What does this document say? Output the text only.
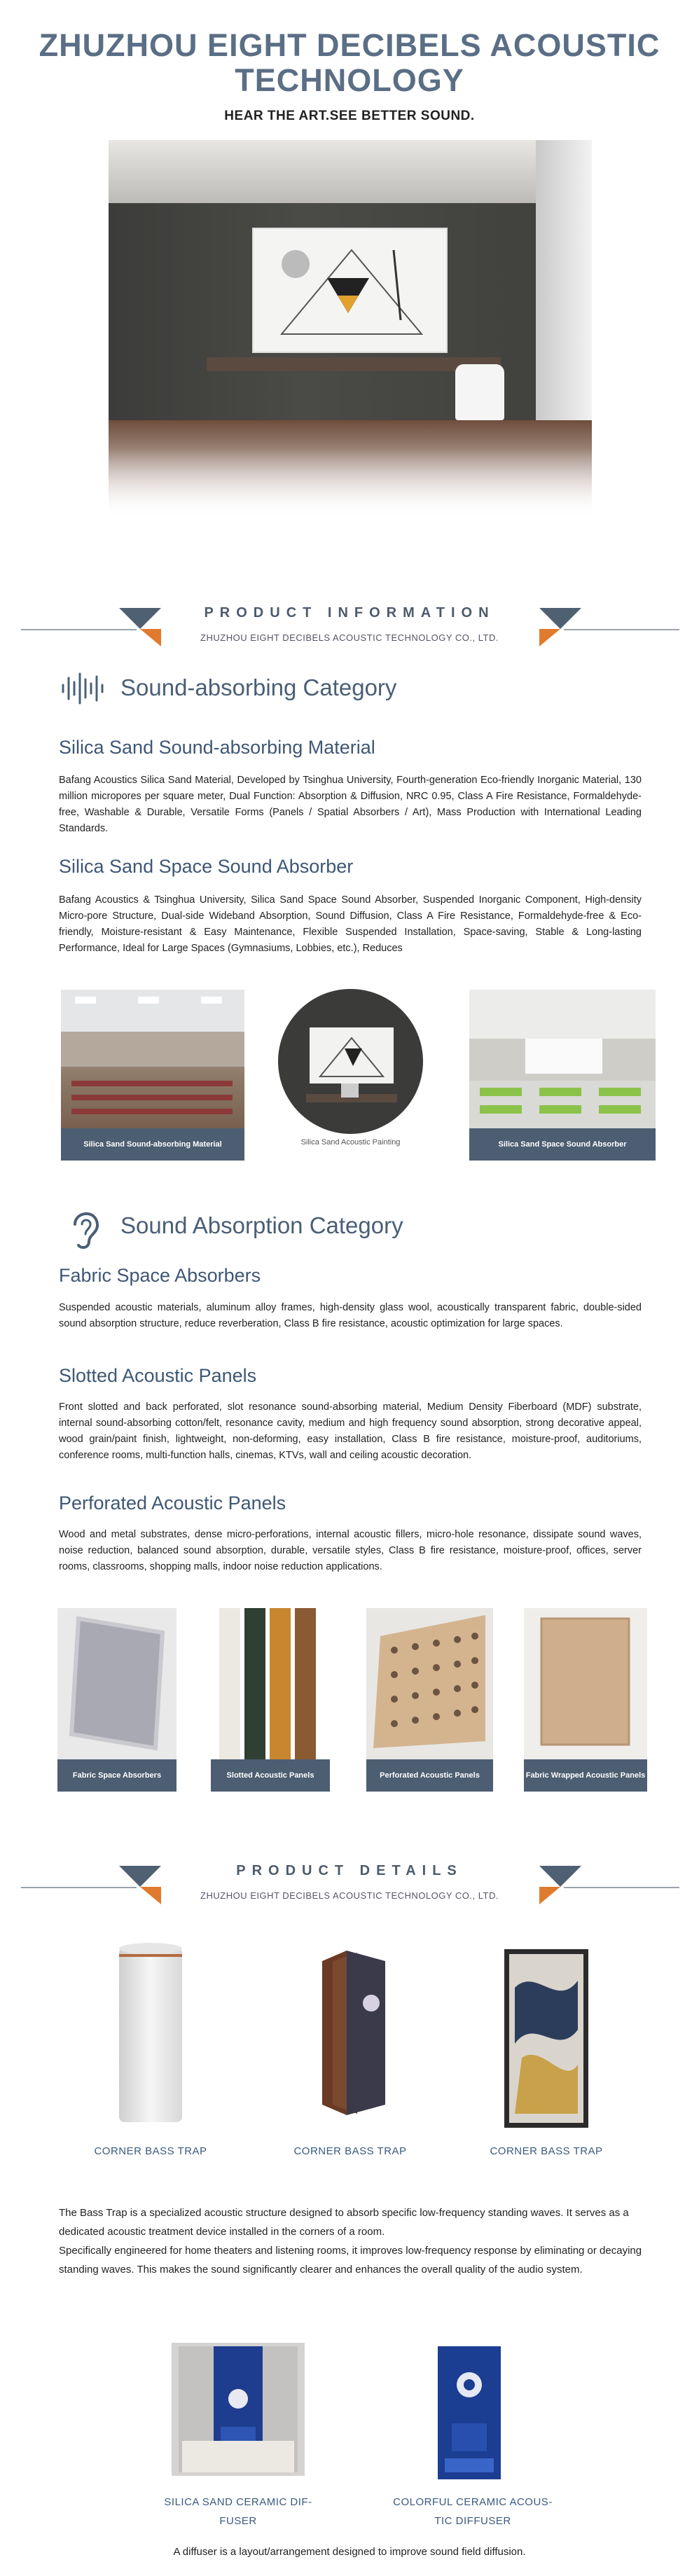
ZHUZHOU EIGHT DECIBELS ACOUSTIC
TECHNOLOGY
HEAR THE ART.SEE BETTER SOUND.
PRODUCT INFORMATION
ZHUZHOU EIGHT DECIBELS ACOUSTIC TECHNOLOGY CO., LTD.
Sound-absorbing Category
Silica Sand Sound-absorbing Material
Bafang Acoustics Silica Sand Material, Developed by Tsinghua University, Fourth-generation Eco-friendly Inorganic Material, 130 million micropores per square meter, Dual Function: Absorption & Diffusion, NRC 0.95, Class A Fire Resistance, Formaldehyde-free, Washable & Durable, Versatile Forms (Panels / Spatial Absorbers / Art), Mass Production with International Leading Standards.
Silica Sand Space Sound Absorber
Bafang Acoustics & Tsinghua University, Silica Sand Space Sound Absorber, Suspended Inorganic Component, High-density Micro-pore Structure, Dual-side Wideband Absorption, Sound Diffusion, Class A Fire Resistance, Formaldehyde-free & Eco-friendly, Moisture-resistant & Easy Maintenance, Flexible Suspended Installation, Space-saving, Stable & Long-lasting Performance, Ideal for Large Spaces (Gymnasiums, Lobbies, etc.), Reduces
Silica Sand Sound-absorbing Material	Silica Sand Acoustic Painting	Silica Sand Space Sound Absorber
Sound Absorption Category
Fabric Space Absorbers
Suspended acoustic materials, aluminum alloy frames, high-density glass wool, acoustically transparent fabric, double-sided sound absorption structure, reduce reverberation, Class B fire resistance, acoustic optimization for large spaces.
Slotted Acoustic Panels
Front slotted and back perforated, slot resonance sound-absorbing material, Medium Density Fiberboard (MDF) substrate, internal sound-absorbing cotton/felt, resonance cavity, medium and high frequency sound absorption, strong decorative appeal, wood grain/paint finish, lightweight, non-deforming, easy installation, Class B fire resistance, moisture-proof, auditoriums, conference rooms, multi-function halls, cinemas, KTVs, wall and ceiling acoustic decoration.
Perforated Acoustic Panels
Wood and metal substrates, dense micro-perforations, internal acoustic fillers, micro-hole resonance, dissipate sound waves, noise reduction, balanced sound absorption, durable, versatile styles, Class B fire resistance, moisture-proof, offices, server rooms, classrooms, shopping malls, indoor noise reduction applications.
Fabric Space Absorbers	Slotted Acoustic Panels	Perforated Acoustic Panels	Fabric Wrapped Acoustic Panels
PRODUCT DETAILS
ZHUZHOU EIGHT DECIBELS ACOUSTIC TECHNOLOGY CO., LTD.
CORNER BASS TRAP	CORNER BASS TRAP	CORNER BASS TRAP
The Bass Trap is a specialized acoustic structure designed to absorb specific low-frequency standing waves. It serves as a dedicated acoustic treatment device installed in the corners of a room.
Specifically engineered for home theaters and listening rooms, it improves low-frequency response by eliminating or decaying standing waves. This makes the sound significantly clearer and enhances the overall quality of the audio system.
SILICA SAND CERAMIC DIF-
FUSER
COLORFUL CERAMIC ACOUS-
TIC DIFFUSER
A diffuser is a layout/arrangement designed to improve sound field diffusion.
